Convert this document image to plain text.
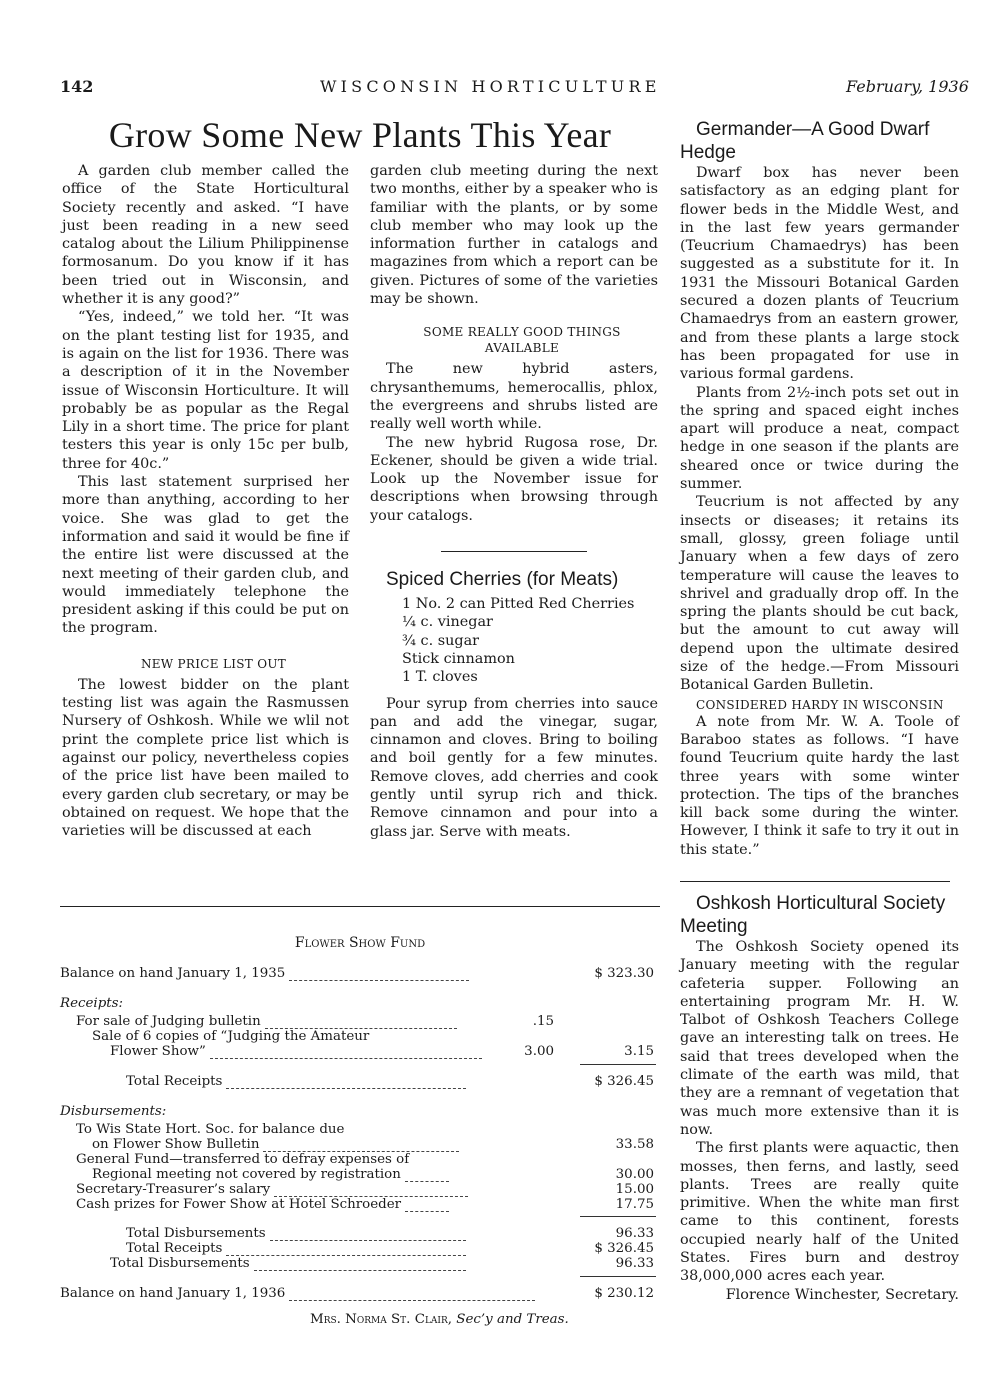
142	WISCONSIN HORTICULTURE	February, 1936
Grow Some New Plants This Year

A garden club member called the office of the State Horticultural Society recently and asked. “I have just been reading in a new seed catalog about the Lilium Philippinense formosanum. Do you know if it has been tried out in Wisconsin, and whether it is any good?”

“Yes, indeed,” we told her. “It was on the plant testing list for 1935, and is again on the list for 1936. There was a description of it in the November issue of Wisconsin Horticulture. It will probably be as popular as the Regal Lily in a short time. The price for plant testers this year is only 15c per bulb, three for 40c.”

This last statement surprised her more than anything, according to her voice. She was glad to get the information and said it would be fine if the entire list were discussed at the next meeting of their garden club, and would immediately telephone the president asking if this could be put on the program.

NEW PRICE LIST OUT

The lowest bidder on the plant testing list was again the Rasmussen Nursery of Oshkosh. While we wlil not print the complete price list which is against our policy, nevertheless copies of the price list have been mailed to every garden club secretary, or may be obtained on request. We hope that the varieties will be discussed at each

garden club meeting during the next two months, either by a speaker who is familiar with the plants, or by some club member who may look up the information further in catalogs and magazines from which a report can be given. Pictures of some of the varieties may be shown.

SOME REALLY GOOD THINGS

AVAILABLE

The new hybrid asters, chrysanthemums, hemerocallis, phlox, the evergreens and shrubs listed are really well worth while.

The new hybrid Rugosa rose, Dr. Eckener, should be given a wide trial. Look up the November issue for descriptions when browsing through your catalogs.

Spiced Cherries (for Meats)

1 No. 2 can Pitted Red Cherries

¼ c. vinegar

¾ c. sugar

Stick cinnamon

1 T. cloves

Pour syrup from cherries into sauce pan and add the vinegar, sugar, cinnamon and cloves. Bring to boiling and boil gently for a few minutes. Remove cloves, add cherries and cook gently until syrup rich and thick. Remove cinnamon and pour into a glass jar. Serve with meats.

Germander—A Good Dwarf Hedge

Dwarf box has never been satisfactory as an edging plant for flower beds in the Middle West, and in the last few years germander (Teucrium Chamaedrys) has been suggested as a substitute for it. In 1931 the Missouri Botanical Garden secured a dozen plants of Teucrium Chamaedrys from an eastern grower, and from these plants a large stock has been propagated for use in various formal gardens.

Plants from 2½-inch pots set out in the spring and spaced eight inches apart will produce a neat, compact hedge in one season if the plants are sheared once or twice during the summer.

Teucrium is not affected by any insects or diseases; it retains its small, glossy, green foliage until January when a few days of zero temperature will cause the leaves to shrivel and gradually drop off. In the spring the plants should be cut back, but the amount to cut away will depend upon the ultimate desired size of the hedge.—From Missouri Botanical Garden Bulletin.

CONSIDERED HARDY IN WISCONSIN

A note from Mr. W. A. Toole of Baraboo states as follows. “I have found Teucrium quite hardy the last three years with some winter protection. The tips of the branches kill back some during the winter. However, I think it safe to try it out in this state.”

Oshkosh Horticultural Society Meeting

The Oshkosh Society opened its January meeting with the regular cafeteria supper. Following an entertaining program Mr. H. W. Talbot of Oshkosh Teachers College gave an interesting talk on trees. He said that trees developed when the climate of the earth was mild, that they are a remnant of vegetation that was much more extensive than it is now.

The first plants were aquactic, then mosses, then ferns, and lastly, seed plants. Trees are really quite primitive. When the white man first came to this continent, forests occupied nearly half of the United States. Fires burn and destroy 38,000,000 acres each year.

Florence Winchester, Secretary.

Flower Show Fund
Balance on hand January 1, 1935	$ 323.30
Receipts:
For sale of Judging bulletin	.15
Sale of 6 copies of “Judging the Amateur
Flower Show”	3.00	3.15
Total Receipts	$ 326.45
Disbursements:
To Wis State Hort. Soc. for balance due
on Flower Show Bulletin	33.58
General Fund—transferred to defray expenses of
Regional meeting not covered by registration	30.00
Secretary-Treasurer’s salary	15.00
Cash prizes for Fower Show at Hotel Schroeder	17.75
Total Disbursements	96.33
Total Receipts	$ 326.45
Total Disbursements	96.33
Balance on hand January 1, 1936	$ 230.12
Mrs. Norma St. Clair, Sec’y and Treas.
